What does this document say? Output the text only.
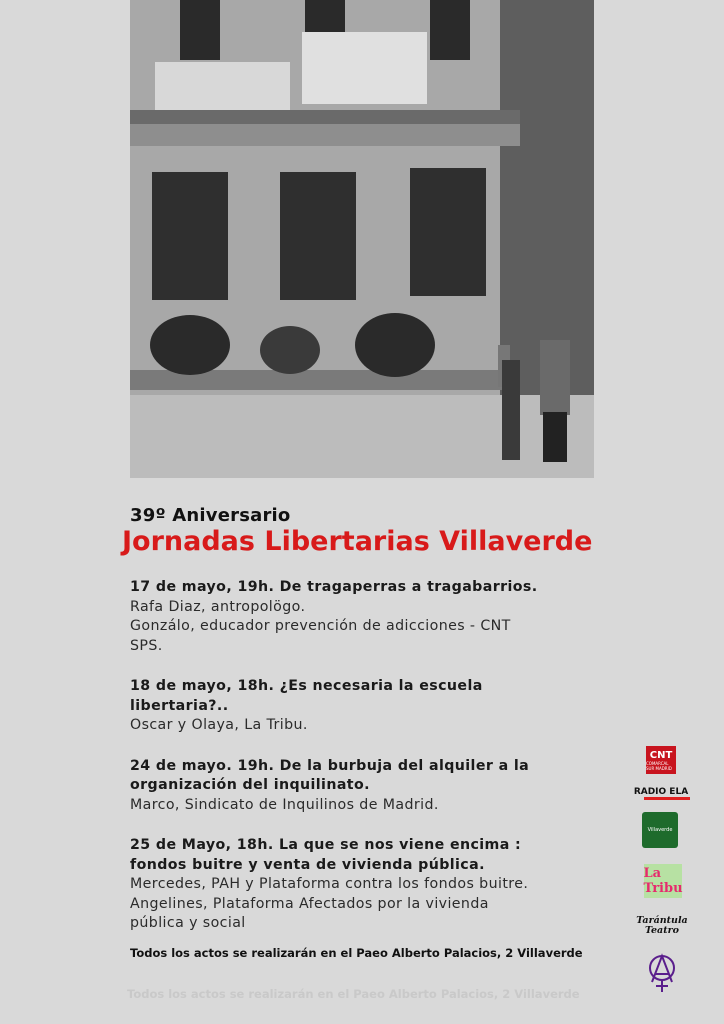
39º Aniversario
Jornadas Libertarias Villaverde
17 de mayo, 19h. De tragaperras a tragabarrios.
Rafa Diaz, antropolögo.
Gonzálo, educador prevención de adicciones - CNT
SPS.
18 de mayo, 18h. ¿Es necesaria la escuela
libertaria?..
Oscar y Olaya, La Tribu.
24 de mayo. 19h. De la burbuja del alquiler a la
organización del inquilinato.
Marco, Sindicato de Inquilinos de Madrid.
25 de Mayo, 18h. La que se nos viene encima :
fondos buitre y venta de vivienda pública.
Mercedes, PAH y Plataforma contra los fondos buitre.
Angelines, Plataforma Afectados por la vivienda
pública y social
Todos los actos se realizarán en el Paeo Alberto Palacios, 2 Villaverde
Todos los actos se realizarán en el Paeo Alberto Palacios, 2 Villaverde
CNT
COMARCAL SUR MADRID
RADIO ELA
Villaverde
La Tribu
Tarántula
Teatro
